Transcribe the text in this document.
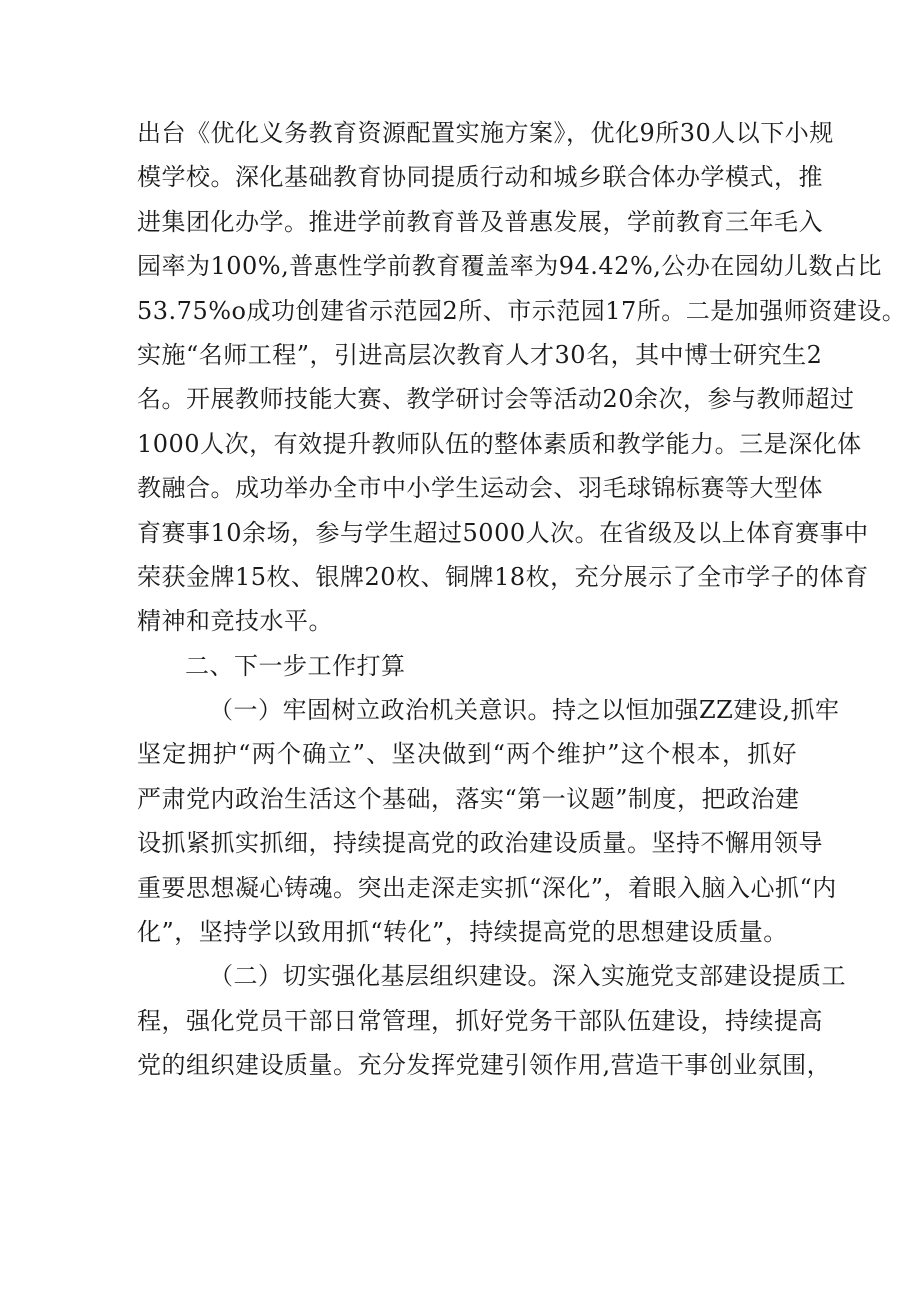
出台《优化义务教育资源配置实施方案》，优化9所30人以下小规
模学校。深化基础教育协同提质行动和城乡联合体办学模式，推
进集团化办学。推进学前教育普及普惠发展，学前教育三年毛入
园率为100%,普惠性学前教育覆盖率为94.42%,公办在园幼儿数占比
53.75%o成功创建省示范园2所、市示范园17所。二是加强师资建设。
实施“名师工程”，引进高层次教育人才30名，其中博士研究生2
名。开展教师技能大赛、教学研讨会等活动20余次，参与教师超过
1000人次，有效提升教师队伍的整体素质和教学能力。三是深化体
教融合。成功举办全市中小学生运动会、羽毛球锦标赛等大型体
育赛事10余场，参与学生超过5000人次。在省级及以上体育赛事中
荣获金牌15枚、银牌20枚、铜牌18枚，充分展示了全市学子的体育
精神和竞技水平。
二、下一步工作打算
（一）牢固树立政治机关意识。持之以恒加强ZZ建设,抓牢
坚定拥护“两个确立”、坚决做到“两个维护”这个根本，抓好
严肃党内政治生活这个基础，落实“第一议题”制度，把政治建
设抓紧抓实抓细，持续提高党的政治建设质量。坚持不懈用领导
重要思想凝心铸魂。突出走深走实抓“深化”，着眼入脑入心抓“内
化”，坚持学以致用抓“转化”，持续提高党的思想建设质量。
（二）切实强化基层组织建设。深入实施党支部建设提质工
程，强化党员干部日常管理，抓好党务干部队伍建设，持续提高
党的组织建设质量。充分发挥党建引领作用,营造干事创业氛围，
